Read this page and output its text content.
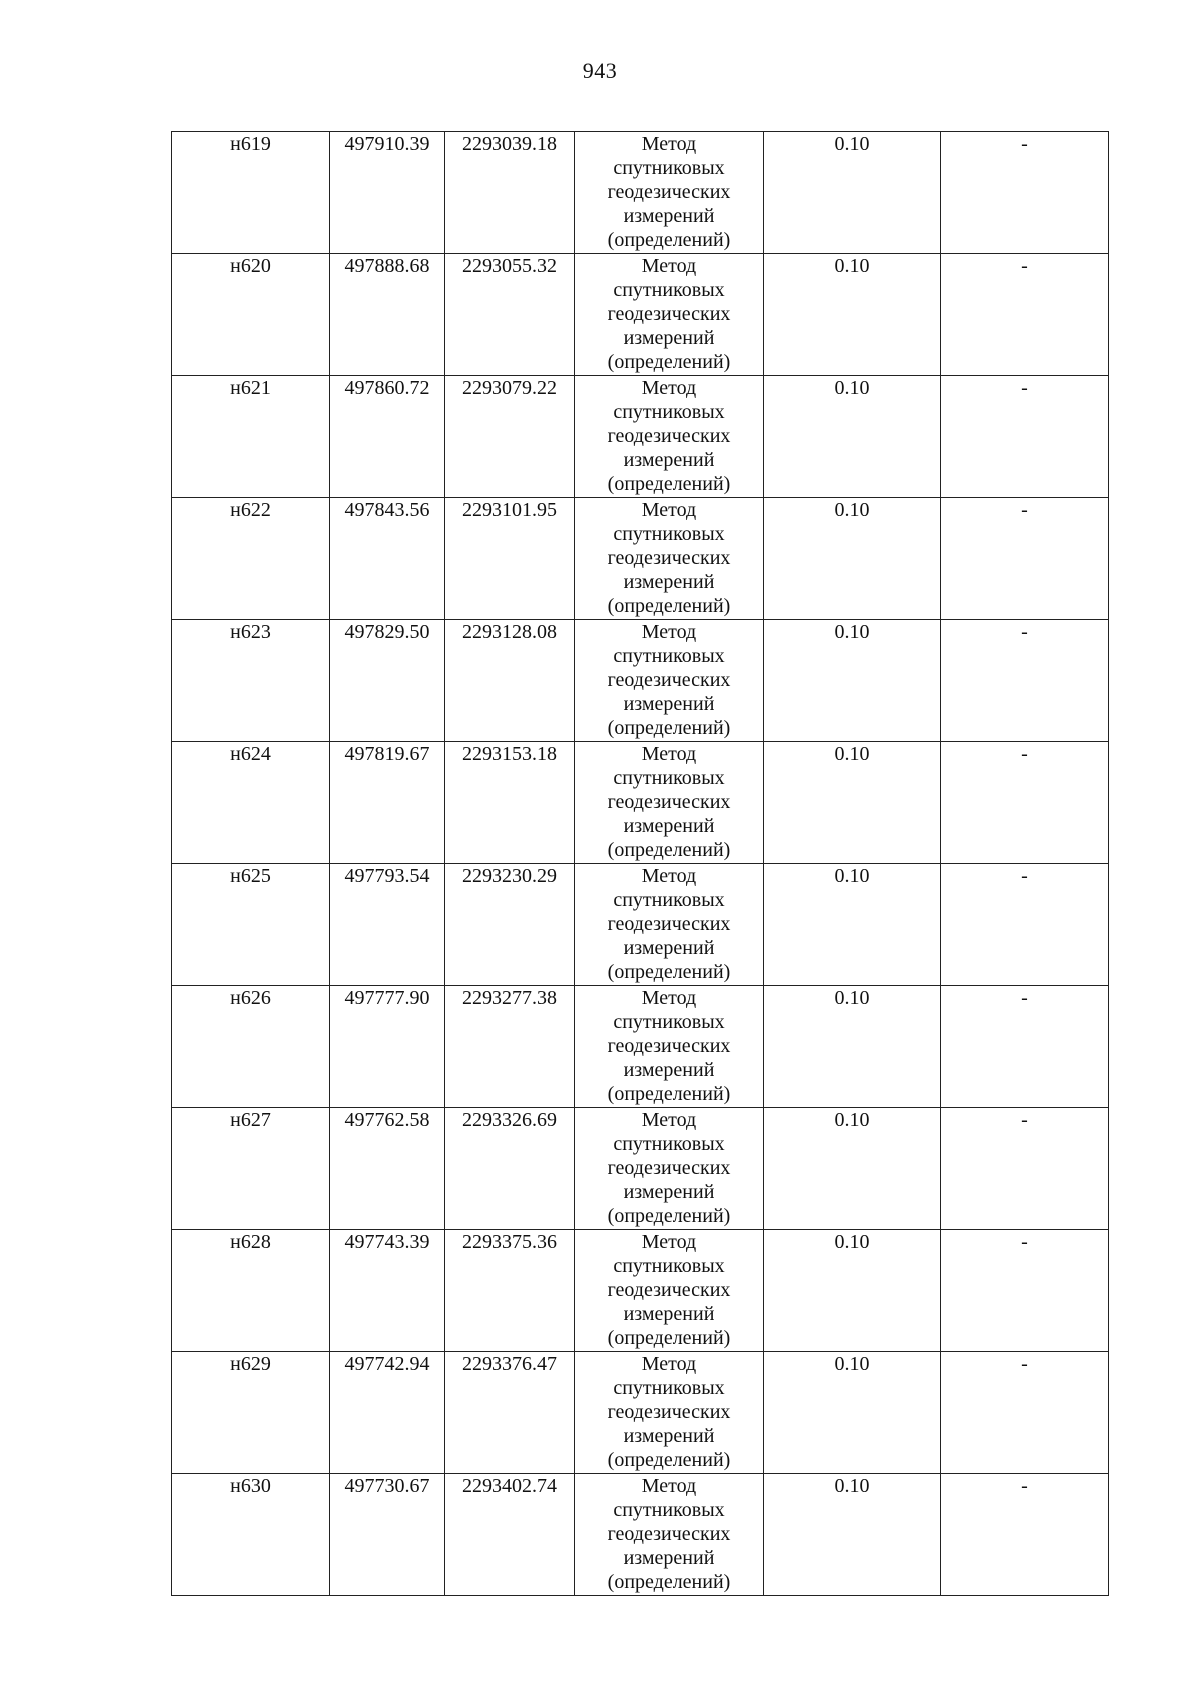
943
н619	497910.39	2293039.18	Метод
спутниковых
геодезических
измерений
(определений)	0.10	-
н620	497888.68	2293055.32	Метод
спутниковых
геодезических
измерений
(определений)	0.10	-
н621	497860.72	2293079.22	Метод
спутниковых
геодезических
измерений
(определений)	0.10	-
н622	497843.56	2293101.95	Метод
спутниковых
геодезических
измерений
(определений)	0.10	-
н623	497829.50	2293128.08	Метод
спутниковых
геодезических
измерений
(определений)	0.10	-
н624	497819.67	2293153.18	Метод
спутниковых
геодезических
измерений
(определений)	0.10	-
н625	497793.54	2293230.29	Метод
спутниковых
геодезических
измерений
(определений)	0.10	-
н626	497777.90	2293277.38	Метод
спутниковых
геодезических
измерений
(определений)	0.10	-
н627	497762.58	2293326.69	Метод
спутниковых
геодезических
измерений
(определений)	0.10	-
н628	497743.39	2293375.36	Метод
спутниковых
геодезических
измерений
(определений)	0.10	-
н629	497742.94	2293376.47	Метод
спутниковых
геодезических
измерений
(определений)	0.10	-
н630	497730.67	2293402.74	Метод
спутниковых
геодезических
измерений
(определений)	0.10	-
